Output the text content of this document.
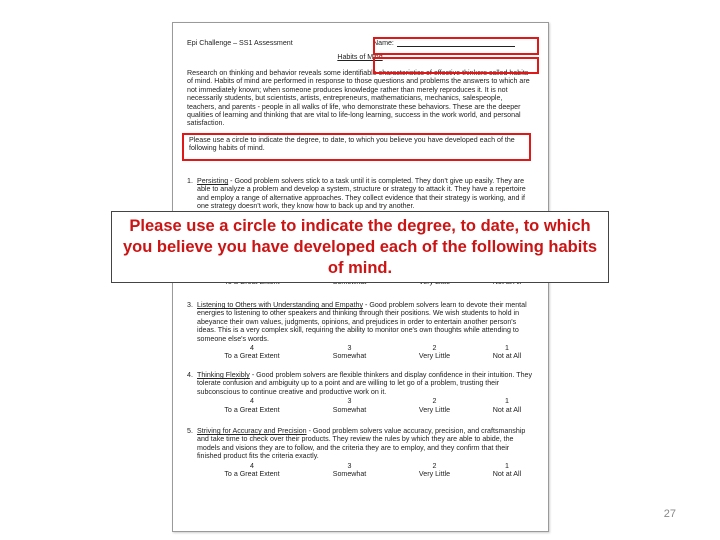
Epi Challenge – SS1 Assessment	Name:
Habits of Mind
Research on thinking and behavior reveals some identifiable characteristics of effective thinkers called habits of mind. Habits of mind are performed in response to those questions and problems the answers to which are not immediately known; when someone produces knowledge rather than merely reproduces it. It is not necessarily students, but scientists, artists, entrepreneurs, mathematicians, mechanics, salespeople, teachers, and parents - people in all walks of life, who demonstrate these behaviors. These are the deeper qualities of learning and thinking that are vital to life-long learning, success in the work world, and personal satisfaction.
Please use a circle to indicate the degree, to date, to which you believe you have developed each of the following habits of mind.
1. Persisting - Good problem solvers stick to a task until it is completed. They don't give up easily. They are able to analyze a problem and develop a system, structure or strategy to attack it. They have a repertoire and employ a range of alternative approaches. They collect evidence that their strategy is working, and if one strategy doesn't work, they know how to back up and try another.
3. Listening to Others with Understanding and Empathy - Good problem solvers learn to devote their mental energies to listening to other speakers and thinking through their positions. We wish students to hold in abeyance their own values, judgments, opinions, and prejudices in order to entertain another person's ideas. This is a very complex skill, requiring the ability to monitor one's own thoughts while attending to someone else's words.
4	3	2	1
To a Great Extent	Somewhat	Very Little	Not at All
4. Thinking Flexibly - Good problem solvers are flexible thinkers and display confidence in their intuition. They tolerate confusion and ambiguity up to a point and are willing to let go of a problem, trusting their subconscious to continue creative and productive work on it.
4	3	2	1
To a Great Extent	Somewhat	Very Little	Not at All
5. Striving for Accuracy and Precision - Good problem solvers value accuracy, precision, and craftsmanship and take time to check over their products. They review the rules by which they are able to abide, the models and visions they are to follow, and the criteria they are to employ, and they confirm that their finished product fits the criteria exactly.
4	3	2	1
To a Great Extent	Somewhat	Very Little	Not at All
Please use a circle to indicate the degree, to date, to which you believe you have developed each of the following habits of mind.
27
